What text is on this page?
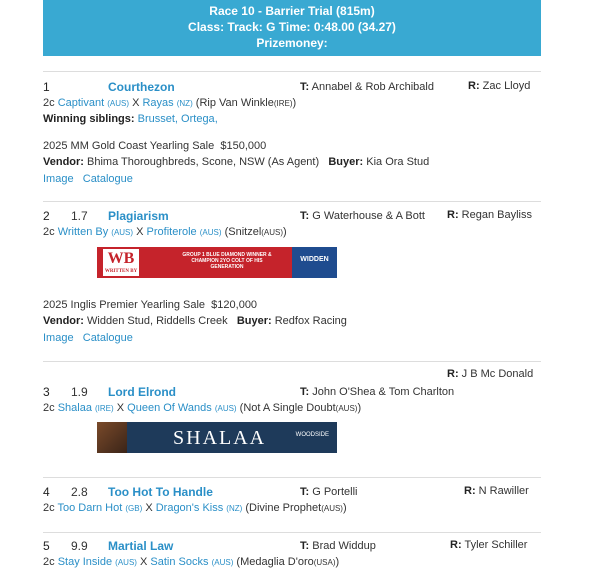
Race 10 - Barrier Trial (815m)
Class: Track: G Time: 0:48.00 (34.27)
Prizemoney:
1	Courthezon	T: Annabel & Rob Archibald	R: Zac Lloyd
2c Captivant (AUS) X Rayas (NZ) (Rip Van Winkle(IRE))
Winning siblings: Brusset, Ortega,
2025 MM Gold Coast Yearling Sale $150,000
Vendor: Bhima Thoroughbreds, Scone, NSW (As Agent) Buyer: Kia Ora Stud
Image Catalogue
2 1.7 Plagiarism	T: G Waterhouse & A Bott R: Regan Bayliss
2c Written By (AUS) X Profiterole (AUS) (Snitzel(AUS))
WB
WRITTEN BY
GROUP 1 BLUE DIAMOND WINNER & CHAMPION 2YO COLT OF HIS GENERATION
WIDDEN
2025 Inglis Premier Yearling Sale $120,000
Vendor: Widden Stud, Riddells Creek Buyer: Redfox Racing
Image Catalogue
R: J B Mc Donald
3 1.9 Lord Elrond	T: John O'Shea & Tom Charlton
2c Shalaa (IRE) X Queen Of Wands (AUS) (Not A Single Doubt(AUS))
SHALAA	WOODSIDE
4 2.8 Too Hot To Handle	T: G Portelli	R: N Rawiller
2c Too Darn Hot (GB) X Dragon's Kiss (NZ) (Divine Prophet(AUS))
5 9.9 Martial Law	T: Brad Widdup	R: Tyler Schiller
2c Stay Inside (AUS) X Satin Socks (AUS) (Medaglia D'oro(USA))
